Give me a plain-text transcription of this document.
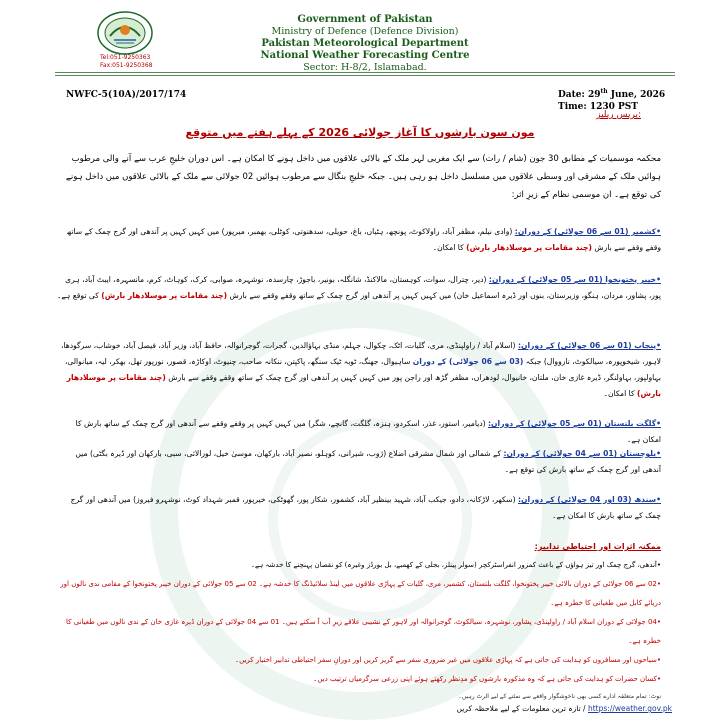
Tel:051-9250363
Fax:051-9250368
Government of Pakistan
Ministry of Defence (Defence Division)
Pakistan Meteorological Department
National Weather Forecasting Centre
Sector: H-8/2, Islamabad.
NWFC-5(10A)/2017/174	Date: 29th June, 2026
Time: 1230 PST
پریس ریلیز:
مون سون بارشوں کا آغاز جولائی 2026 کے پہلے ہفتے میں متوقع
محکمہ موسمیات کے مطابق 30 جون (شام / رات) سے ایک مغربی لہر ملک کے بالائی علاقوں میں داخل ہونے کا امکان ہے۔ اس دوران خلیجِ عرب سے آنے والی مرطوب ہوائیں ملک کے مشرقی اور وسطی علاقوں میں مسلسل داخل ہو رہی ہیں۔ جبکہ خلیجِ بنگال سے مرطوب ہوائیں 02 جولائی سے ملک کے بالائی علاقوں میں داخل ہونے کی توقع ہے۔ ان موسمی نظام کے زیرِ اثر:
•کشمیر (01 سے 06 جولائی) کے دوران: (وادی نیلم، مظفر آباد، راولاکوٹ، پونچھ، ہٹیاں، باغ، حویلی، سدھنوتی، کوٹلی، بھمبر، میرپور) میں کہیں کہیں پر آندھی اور گرج چمک کے ساتھ وقفے وقفے سے بارش (چند مقامات پر موسلادھار بارش) کا امکان۔
•خیبر پختونخوا (01 سے 05 جولائی) کے دوران: (دیر، چترال، سوات، کوہستان، مالاکنڈ، شانگلہ، بونیر، باجوڑ، چارسدہ، نوشہرہ، صوابی، کرک، کوہاٹ، کرم، مانسہرہ، ایبٹ آباد، ہری پور، پشاور، مردان، ہنگو، وزیرستان، بنوں اور ڈیرہ اسماعیل خان) میں کہیں کہیں پر آندھی اور گرج چمک کے ساتھ وقفے وقفے سے بارش (چند مقامات پر موسلادھار بارش) کی توقع ہے۔
•پنجاب (01 سے 06 جولائی) کے دوران: (اسلام آباد / راولپنڈی، مری، گلیات، اٹک، چکوال، جہلم، منڈی بہاؤالدین، گجرات، گوجرانوالہ، حافظ آباد، وزیر آباد، فیصل آباد، خوشاب، سرگودھا، لاہور، شیخوپورہ، سیالکوٹ، نارووال) جبکہ (03 سے 06 جولائی) کے دوران ساہیوال، جھنگ، ٹوبہ ٹیک سنگھ، پاکپتن، ننکانہ صاحب، چنیوٹ، اوکاڑہ، قصور، نورپور تھل، بھکر، لیہ، میانوالی، بہاولپور، بہاولنگر، ڈیرہ غازی خان، ملتان، خانیوال، لودھراں، مظفر گڑھ اور راجن پور میں کہیں کہیں پر آندھی اور گرج چمک کے ساتھ وقفے وقفے سے بارش (چند مقامات پر موسلادھار بارش) کا امکان۔
•گلگت بلتستان (01 سے 05 جولائی) کے دوران: (دیامیر، استور، غذر، اسکردو، ہنزہ، گلگت، گانچے، شگر) میں کہیں کہیں پر وقفے وقفے سے آندھی اور گرج چمک کے ساتھ بارش کا امکان ہے۔
•بلوچستان (01 سے 04 جولائی) کے دوران: کے شمالی اور شمال مشرقی اضلاع (ژوب، شیرانی، کوہلو، نصیر آباد، بارکھان، موسیٰ خیل، لورالائی، سبی، بارکھان اور ڈیرہ بگٹی) میں آندھی اور گرج چمک کے ساتھ بارش کی توقع ہے۔
•سندھ (03 اور 04 جولائی) کے دوران: (سکھر، لاڑکانہ، دادو، جیکب آباد، شہید بینظیر آباد، کشمور، شکار پور، گھوٹکی، خیرپور، قمبر شہداد کوٹ، نوشہرو فیروز) میں آندھی اور گرج چمک کے ساتھ بارش کا امکان ہے۔
ممکنہ اثرات اور احتیاطی تدابیر:
•آندھی، گرج چمک اور تیز ہواؤں کے باعث کمزور انفراسٹرکچر (سولر پینلز، بجلی کے کھمبے، بل بورڈز وغیرہ) کو نقصان پہنچنے کا خدشہ ہے۔
•02 سے 06 جولائی کے دوران بالائی خیبر پختونخوا، گلگت بلتستان، کشمیر، مری، گلیات کے پہاڑی علاقوں میں لینڈ سلائیڈنگ کا خدشہ ہے۔ 02 سے 05 جولائی کے دوران خیبر پختونخوا کے مقامی ندی نالوں اور دریائے کابل میں طغیانی کا خطرہ ہے۔
•04 جولائی کے دوران اسلام آباد / راولپنڈی، پشاور، نوشہرہ، سیالکوٹ، گوجرانوالہ اور لاہور کے نشیبی علاقے زیرِ آب آ سکتے ہیں۔ 01 سے 04 جولائی کے دوران ڈیرہ غازی خان کے ندی نالوں میں طغیانی کا خطرہ ہے۔
•سیاحوں اور مسافروں کو ہدایت کی جاتی ہے کہ پہاڑی علاقوں میں غیر ضروری سفر سے گریز کریں اور دورانِ سفر احتیاطی تدابیر اختیار کریں۔
•کسان حضرات کو ہدایت کی جاتی ہے کہ وہ مذکورہ بارشوں کو مدِنظر رکھتے ہوئے اپنی زرعی سرگرمیاں ترتیب دیں۔
نوٹ: تمام متعلقہ ادارے کسی بھی ناخوشگوار واقعے سے نمٹنے کے لیے الرٹ رہیں۔
https://weather.gov.pk / تازہ ترین معلومات کے لیے ملاحظہ کریں
